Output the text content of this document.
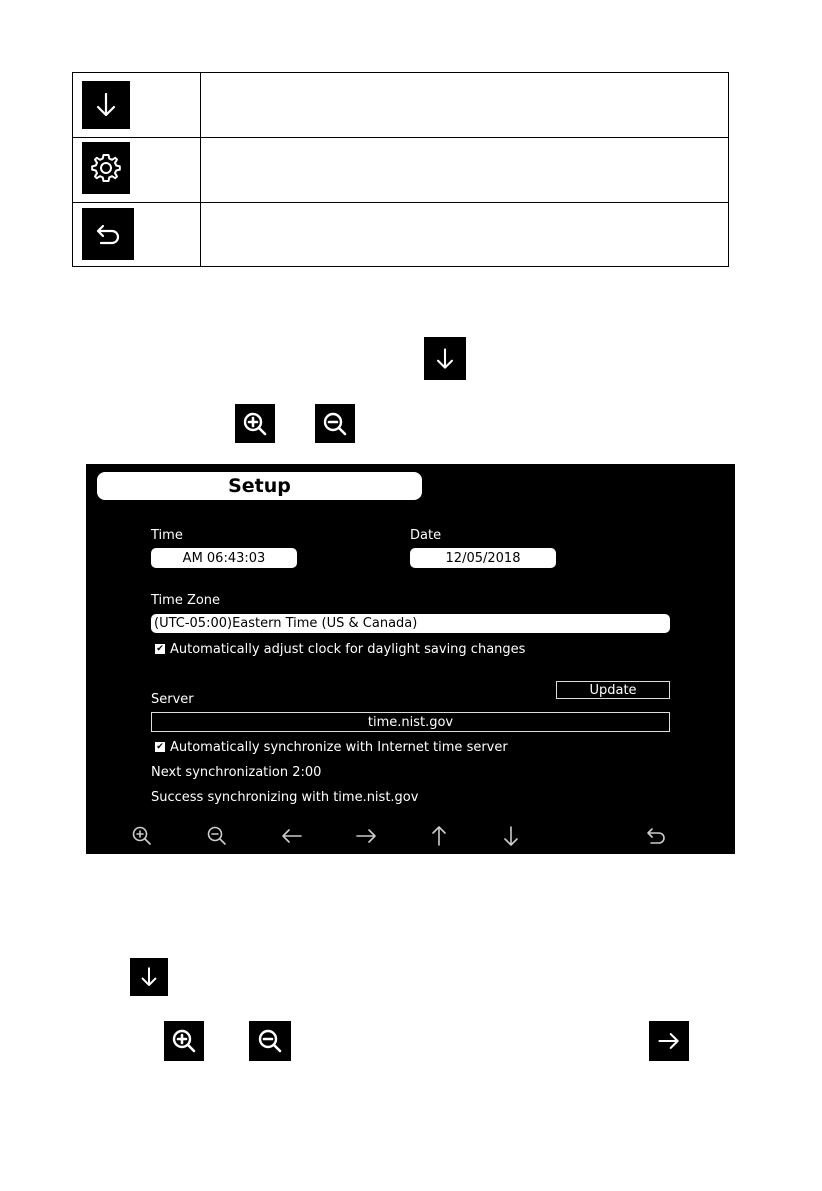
Setup
Time
AM 06:43:03
Date
12/05/2018
Time Zone
(UTC-05:00)Eastern Time (US & Canada)
✔ Automatically adjust clock for daylight saving changes
Update
Server
time.nist.gov
✔ Automatically synchronize with Internet time server
Next synchronization 2:00
Success synchronizing with time.nist.gov
